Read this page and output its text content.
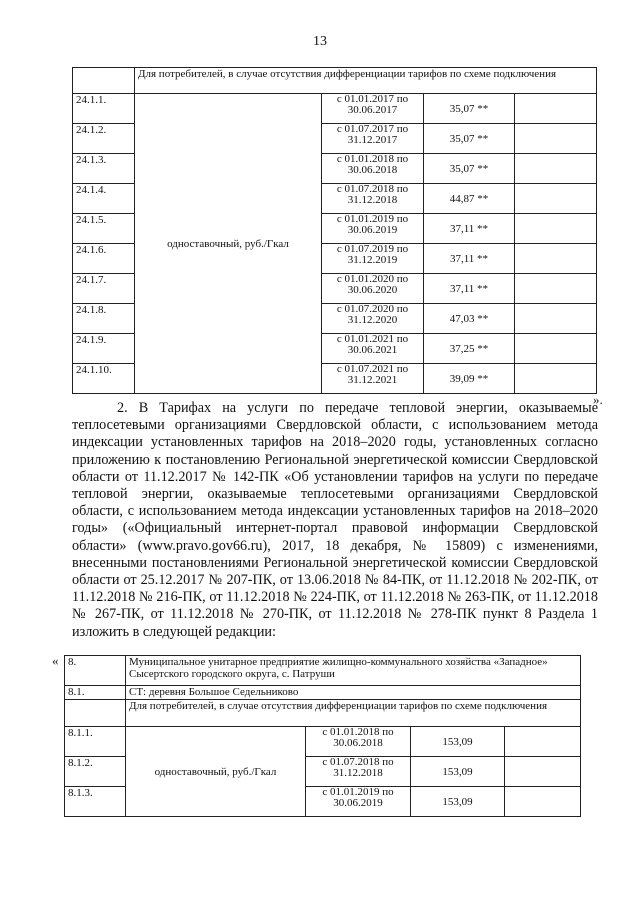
13
	Для потребителей, в случае отсутствия дифференциации тарифов по схеме подключения			
24.1.1.	одноставочный, руб./Гкал	с 01.01.2017 по 30.06.2017	35,07 **	
24.1.2.		с 01.07.2017 по 31.12.2017	35,07 **	
24.1.3.		с 01.01.2018 по 30.06.2018	35,07 **	
24.1.4.		с 01.07.2018 по 31.12.2018	44,87 **	
24.1.5.		с 01.01.2019 по 30.06.2019	37,11 **	
24.1.6.		с 01.07.2019 по 31.12.2019	37,11 **	
24.1.7.		с 01.01.2020 по 30.06.2020	37,11 **	
24.1.8.		с 01.07.2020 по 31.12.2020	47,03 **	
24.1.9.		с 01.01.2021 по 30.06.2021	37,25 **	
24.1.10.		с 01.07.2021 по 31.12.2021	39,09 **	
».

2. В Тарифах на услуги по передаче тепловой энергии, оказываемые теплосетевыми организациями Свердловской области, с использованием метода индексации установленных тарифов на 2018–2020 годы, установленных согласно приложению к постановлению Региональной энергетической комиссии Свердловской области от 11.12.2017 № 142-ПК «Об установлении тарифов на услуги по передаче тепловой энергии, оказываемые теплосетевыми организациями Свердловской области, с использованием метода индексации установленных тарифов на 2018–2020 годы» («Официальный интернет-портал правовой информации Свердловской области» (www.pravo.gov66.ru), 2017, 18 декабря, № 15809) с изменениями, внесенными постановлениями Региональной энергетической комиссии Свердловской области от 25.12.2017 № 207-ПК, от 13.06.2018 № 84-ПК, от 11.12.2018 № 202-ПК, от 11.12.2018 № 216-ПК, от 11.12.2018 № 224-ПК, от 11.12.2018 № 263-ПК, от 11.12.2018 № 267-ПК, от 11.12.2018 № 270-ПК, от 11.12.2018 № 278-ПК пункт 8 Раздела 1 изложить в следующей редакции:

« 8.	Муниципальное унитарное предприятие жилищно-коммунального хозяйства «Западное» Сысертского городского округа, с. Патруши			
8.1.	СТ: деревня Большое Седельниково			
	Для потребителей, в случае отсутствия дифференциации тарифов по схеме подключения			
8.1.1.	одноставочный, руб./Гкал	с 01.01.2018 по 30.06.2018	153,09	
8.1.2.		с 01.07.2018 по 31.12.2018	153,09	
8.1.3.		с 01.01.2019 по 30.06.2019	153,09	
